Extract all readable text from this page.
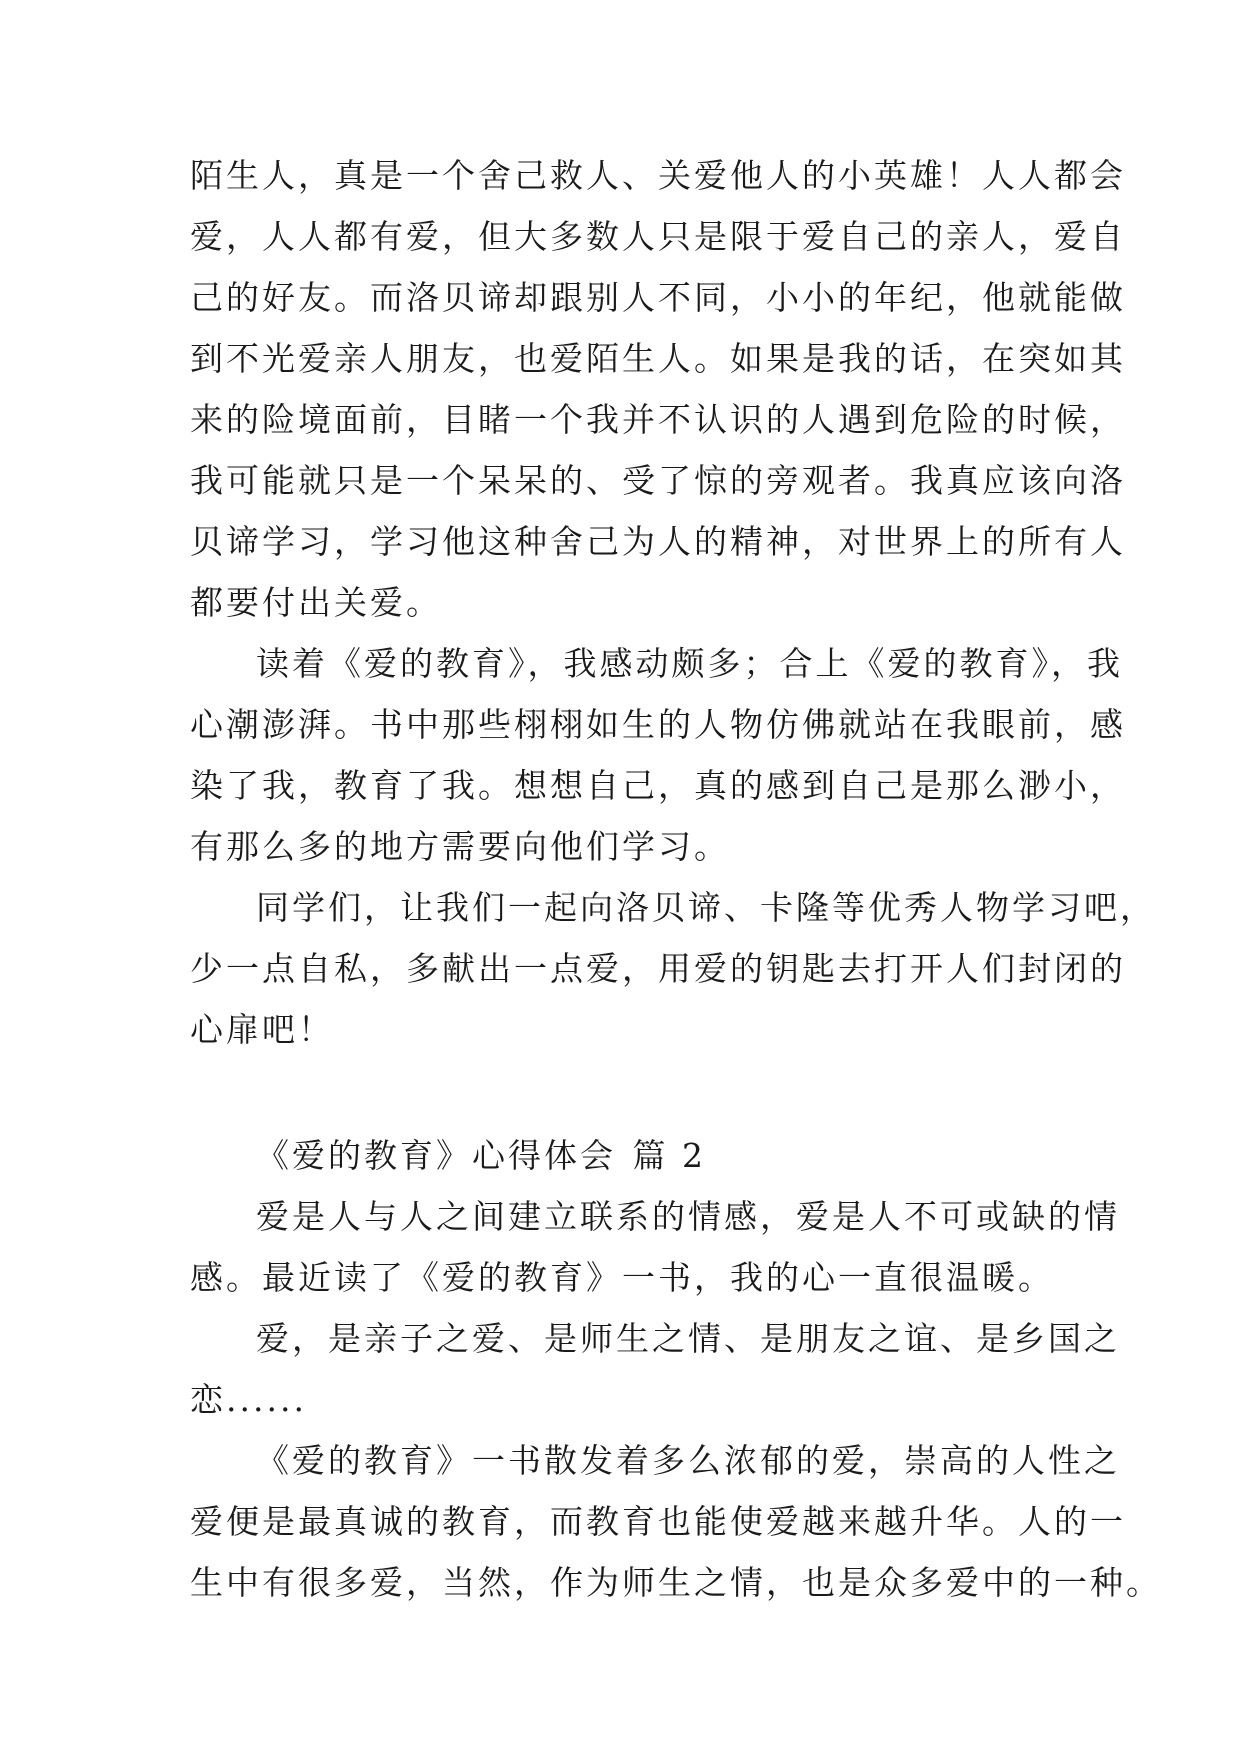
陌生人，真是一个舍己救人、关爱他人的小英雄！人人都会
爱，人人都有爱，但大多数人只是限于爱自己的亲人，爱自
己的好友。而洛贝谛却跟别人不同，小小的年纪，他就能做
到不光爱亲人朋友，也爱陌生人。如果是我的话，在突如其
来的险境面前，目睹一个我并不认识的人遇到危险的时候，
我可能就只是一个呆呆的、受了惊的旁观者。我真应该向洛
贝谛学习，学习他这种舍己为人的精神，对世界上的所有人
都要付出关爱。
读着《爱的教育》，我感动颇多；合上《爱的教育》，我
心潮澎湃。书中那些栩栩如生的人物仿佛就站在我眼前，感
染了我，教育了我。想想自己，真的感到自己是那么渺小，
有那么多的地方需要向他们学习。
同学们，让我们一起向洛贝谛、卡隆等优秀人物学习吧，
少一点自私，多献出一点爱，用爱的钥匙去打开人们封闭的
心扉吧！
《爱的教育》心得体会 篇 2
爱是人与人之间建立联系的情感，爱是人不可或缺的情
感。最近读了《爱的教育》一书，我的心一直很温暖。
爱，是亲子之爱、是师生之情、是朋友之谊、是乡国之
恋......
《爱的教育》一书散发着多么浓郁的爱，崇高的人性之
爱便是最真诚的教育，而教育也能使爱越来越升华。人的一
生中有很多爱，当然，作为师生之情，也是众多爱中的一种。
